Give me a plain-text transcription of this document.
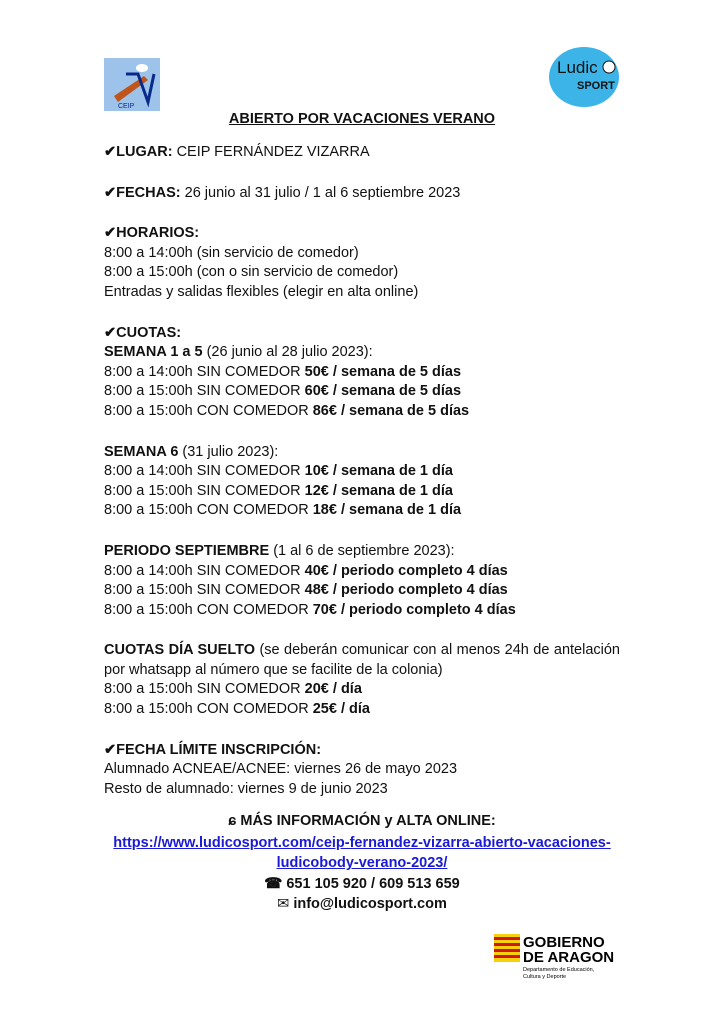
CEIP
Ludic
SPORT
ABIERTO POR VACACIONES VERANO
✔LUGAR: CEIP FERNÁNDEZ VIZARRA
✔FECHAS: 26 junio al 31 julio / 1 al 6 septiembre 2023
✔HORARIOS:
8:00 a 14:00h (sin servicio de comedor)
8:00 a 15:00h (con o sin servicio de comedor)
Entradas y salidas flexibles (elegir en alta online)
✔CUOTAS:
SEMANA 1 a 5 (26 junio al 28 julio 2023):
8:00 a 14:00h SIN COMEDOR 50€ / semana de 5 días
8:00 a 15:00h SIN COMEDOR 60€ / semana de 5 días
8:00 a 15:00h CON COMEDOR 86€ / semana de 5 días
SEMANA 6 (31 julio 2023):
8:00 a 14:00h SIN COMEDOR 10€ / semana de 1 día
8:00 a 15:00h SIN COMEDOR 12€ / semana de 1 día
8:00 a 15:00h CON COMEDOR 18€ / semana de 1 día
PERIODO SEPTIEMBRE (1 al 6 de septiembre 2023):
8:00 a 14:00h SIN COMEDOR 40€ / periodo completo 4 días
8:00 a 15:00h SIN COMEDOR 48€ / periodo completo 4 días
8:00 a 15:00h CON COMEDOR 70€ / periodo completo 4 días
CUOTAS DÍA SUELTO (se deberán comunicar con al menos 24h de antelación por whatsapp al número que se facilite de la colonia)
8:00 a 15:00h SIN COMEDOR 20€ / día
8:00 a 15:00h CON COMEDOR 25€ / día
✔FECHA LÍMITE INSCRIPCIÓN:
Alumnado ACNEAE/ACNEE: viernes 26 de mayo 2023
Resto de alumnado: viernes 9 de junio 2023
ɕ MÁS INFORMACIÓN y ALTA ONLINE:
https://www.ludicosport.com/ceip-fernandez-vizarra-abierto-vacaciones-
ludicobody-verano-2023/
☎ 651 105 920 / 609 513 659
✉ info@ludicosport.com
GOBIERNO
DE ARAGON
Departamento de Educación,
Cultura y Deporte
